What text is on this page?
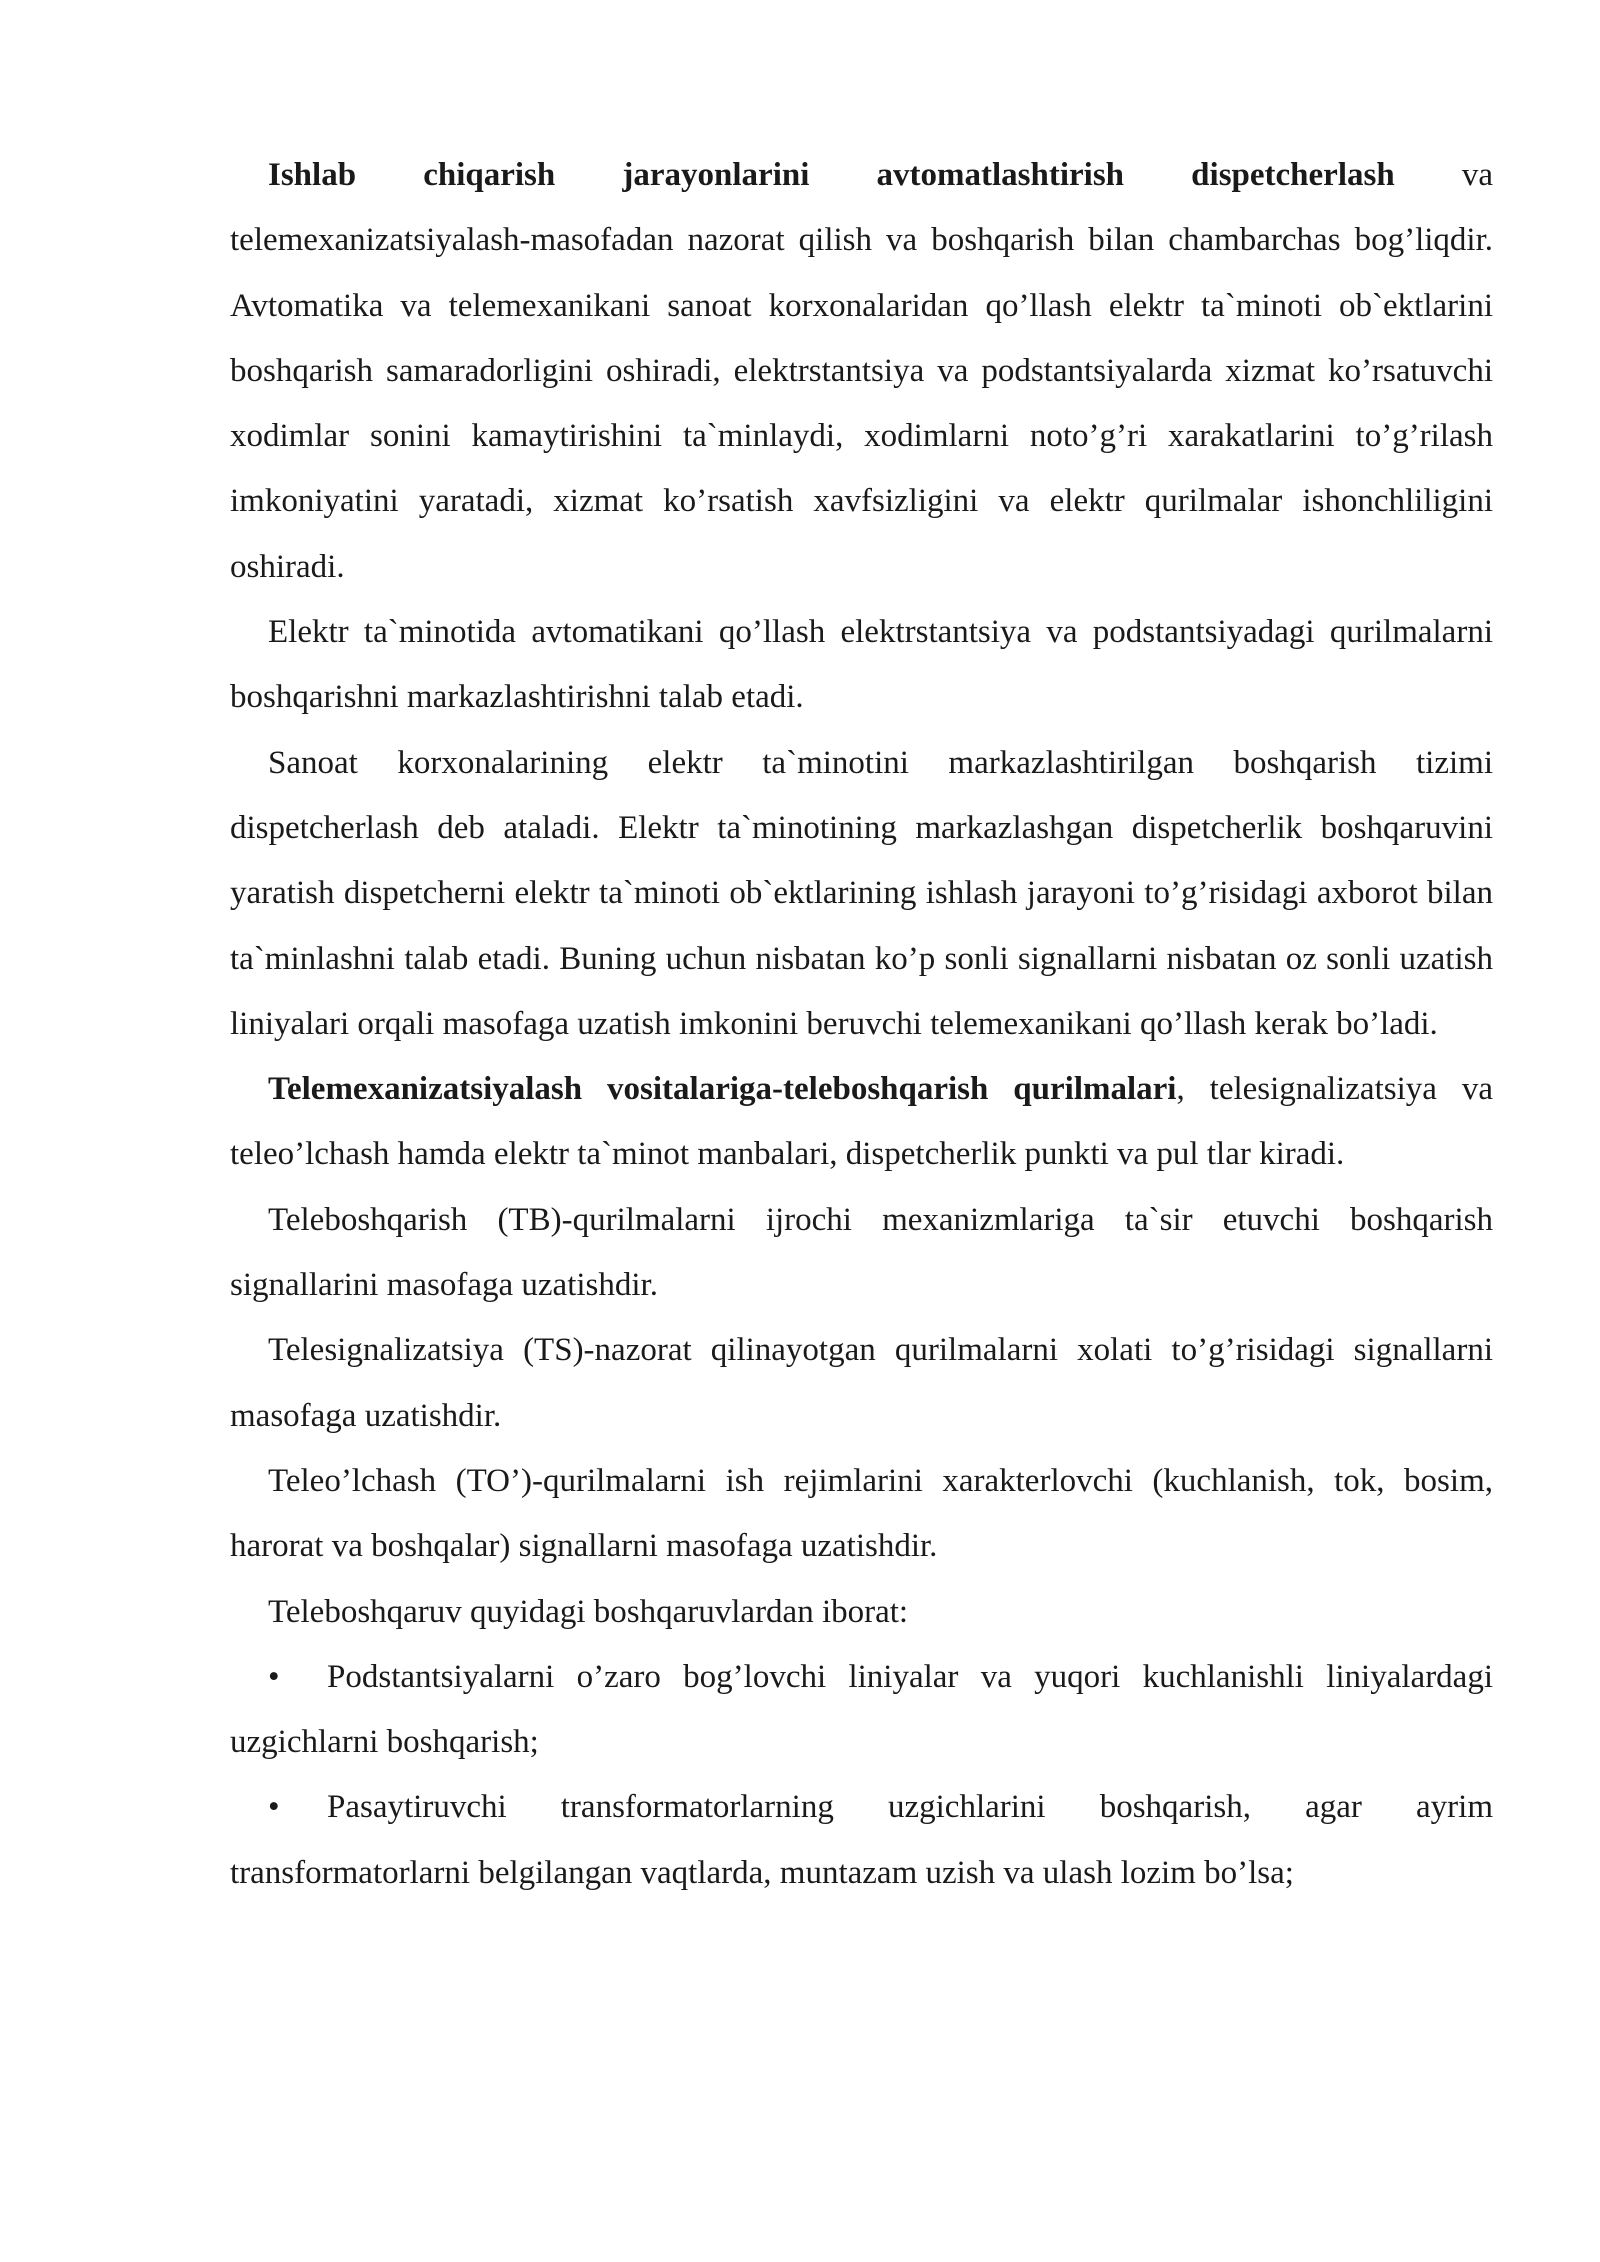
Ishlab chiqarish jarayonlarini avtomatlashtirish dispetcherlash va telemexanizatsiyalash-masofadan nazorat qilish va boshqarish bilan chambarchas bog’liqdir. Avtomatika va telemexanikani sanoat korxonalaridan qo’llash elektr ta`minoti ob`ektlarini boshqarish samaradorligini oshiradi, elektrstantsiya va podstantsiyalarda xizmat ko’rsatuvchi xodimlar sonini kamaytirishini ta`minlaydi, xodimlarni noto’g’ri xarakatlarini to’g’rilash imkoniyatini yaratadi, xizmat ko’rsatish xavfsizligini va elektr qurilmalar ishonchliligini oshiradi.

Elektr ta`minotida avtomatikani qo’llash elektrstantsiya va podstantsiyadagi qurilmalarni boshqarishni markazlashtirishni talab etadi.

Sanoat korxonalarining elektr ta`minotini markazlashtirilgan boshqarish tizimi dispetcherlash deb ataladi. Elektr ta`minotining markazlashgan dispetcherlik boshqaruvini yaratish dispetcherni elektr ta`minoti ob`ektlarining ishlash jarayoni to’g’risidagi axborot bilan ta`minlashni talab etadi. Buning uchun nisbatan ko’p sonli signallarni nisbatan oz sonli uzatish liniyalari orqali masofaga uzatish imkonini beruvchi telemexanikani qo’llash kerak bo’ladi.

Telemexanizatsiyalash vositalariga-teleboshqarish qurilmalari, telesignalizatsiya va teleo’lchash hamda elektr ta`minot manbalari, dispetcherlik punkti va pul tlar kiradi.

Teleboshqarish (TB)-qurilmalarni ijrochi mexanizmlariga ta`sir etuvchi boshqarish signallarini masofaga uzatishdir.

Telesignalizatsiya (TS)-nazorat qilinayotgan qurilmalarni xolati to’g’risidagi signallarni masofaga uzatishdir.

Teleo’lchash (TO’)-qurilmalarni ish rejimlarini xarakterlovchi (kuchlanish, tok, bosim, harorat va boshqalar) signallarni masofaga uzatishdir.

Teleboshqaruv quyidagi boshqaruvlardan iborat:

• Podstantsiyalarni o’zaro bog’lovchi liniyalar va yuqori kuchlanishli liniyalardagi uzgichlarni boshqarish;

• Pasaytiruvchi transformatorlarning uzgichlarini boshqarish, agar ayrim transformatorlarni belgilangan vaqtlarda, muntazam uzish va ulash lozim bo’lsa;
